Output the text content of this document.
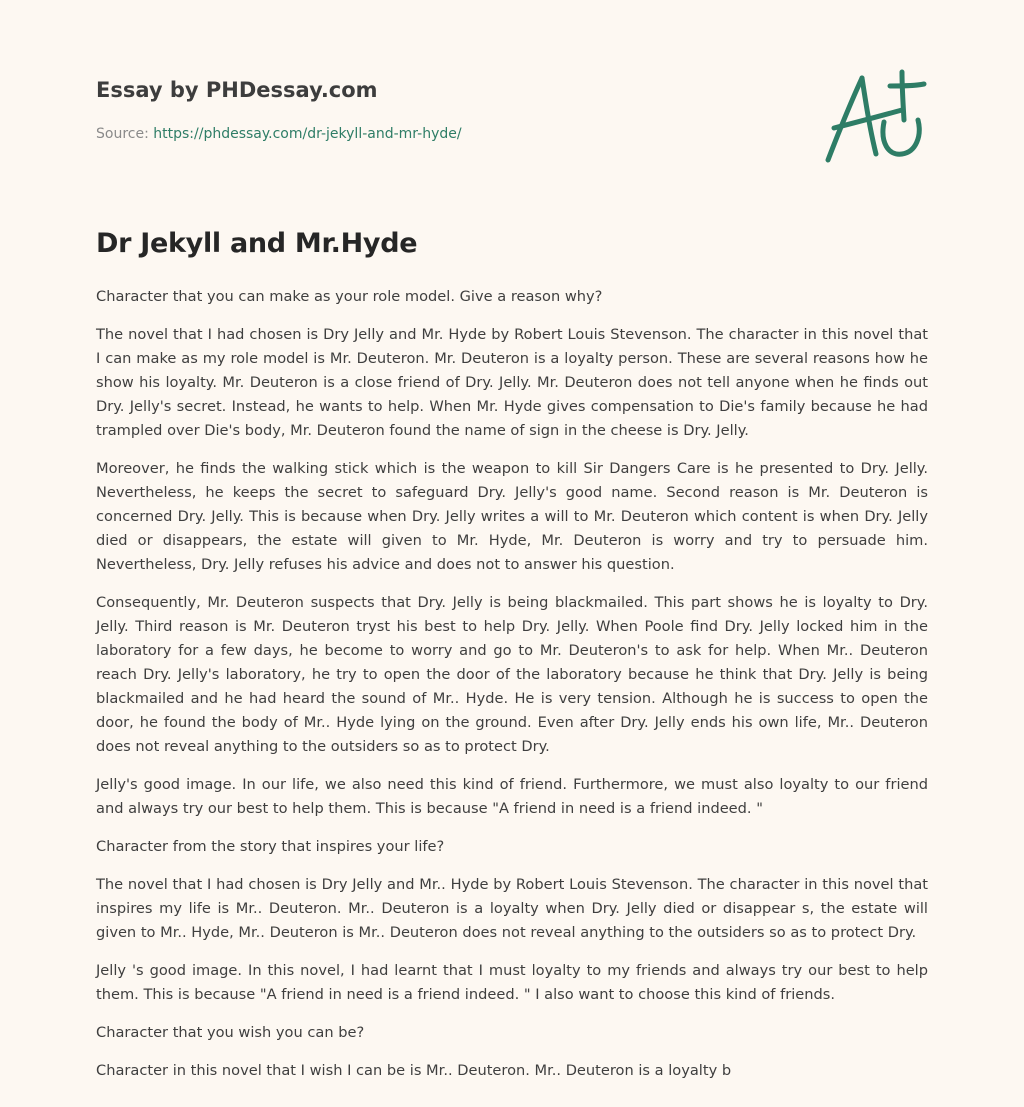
Essay by PHDessay.com
Source: https://phdessay.com/dr-jekyll-and-mr-hyde/
Dr Jekyll and Mr.Hyde

Character that you can make as your role model. Give a reason why?

The novel that I had chosen is Dry Jelly and Mr. Hyde by Robert Louis Stevenson. The character in this novel that I can make as my role model is Mr. Deuteron. Mr. Deuteron is a loyalty person. These are several reasons how he show his loyalty. Mr. Deuteron is a close friend of Dry. Jelly. Mr. Deuteron does not tell anyone when he finds out Dry. Jelly's secret. Instead, he wants to help. When Mr. Hyde gives compensation to Die's family because he had trampled over Die's body, Mr. Deuteron found the name of sign in the cheese is Dry. Jelly.

Moreover, he finds the walking stick which is the weapon to kill Sir Dangers Care is he presented to Dry. Jelly. Nevertheless, he keeps the secret to safeguard Dry. Jelly's good name. Second reason is Mr. Deuteron is concerned Dry. Jelly. This is because when Dry. Jelly writes a will to Mr. Deuteron which content is when Dry. Jelly died or disappears, the estate will given to Mr. Hyde, Mr. Deuteron is worry and try to persuade him. Nevertheless, Dry. Jelly refuses his advice and does not to answer his question.

Consequently, Mr. Deuteron suspects that Dry. Jelly is being blackmailed. This part shows he is loyalty to Dry. Jelly. Third reason is Mr. Deuteron tryst his best to help Dry. Jelly. When Poole find Dry. Jelly locked him in the laboratory for a few days, he become to worry and go to Mr. Deuteron's to ask for help. When Mr.. Deuteron reach Dry. Jelly's laboratory, he try to open the door of the laboratory because he think that Dry. Jelly is being blackmailed and he had heard the sound of Mr.. Hyde. He is very tension. Although he is success to open the door, he found the body of Mr.. Hyde lying on the ground. Even after Dry. Jelly ends his own life, Mr.. Deuteron does not reveal anything to the outsiders so as to protect Dry.

Jelly's good image. In our life, we also need this kind of friend. Furthermore, we must also loyalty to our friend and always try our best to help them. This is because "A friend in need is a friend indeed. "

Character from the story that inspires your life?

The novel that I had chosen is Dry Jelly and Mr.. Hyde by Robert Louis Stevenson. The character in this novel that inspires my life is Mr.. Deuteron. Mr.. Deuteron is a loyalty when Dry. Jelly died or disappear s, the estate will given to Mr.. Hyde, Mr.. Deuteron is Mr.. Deuteron does not reveal anything to the outsiders so as to protect Dry.

Jelly 's good image. In this novel, I had learnt that I must loyalty to my friends and always try our best to help them. This is because "A friend in need is a friend indeed. " I also want to choose this kind of friends.

Character that you wish you can be?

Character in this novel that I wish I can be is Mr.. Deuteron. Mr.. Deuteron is a loyalty b
